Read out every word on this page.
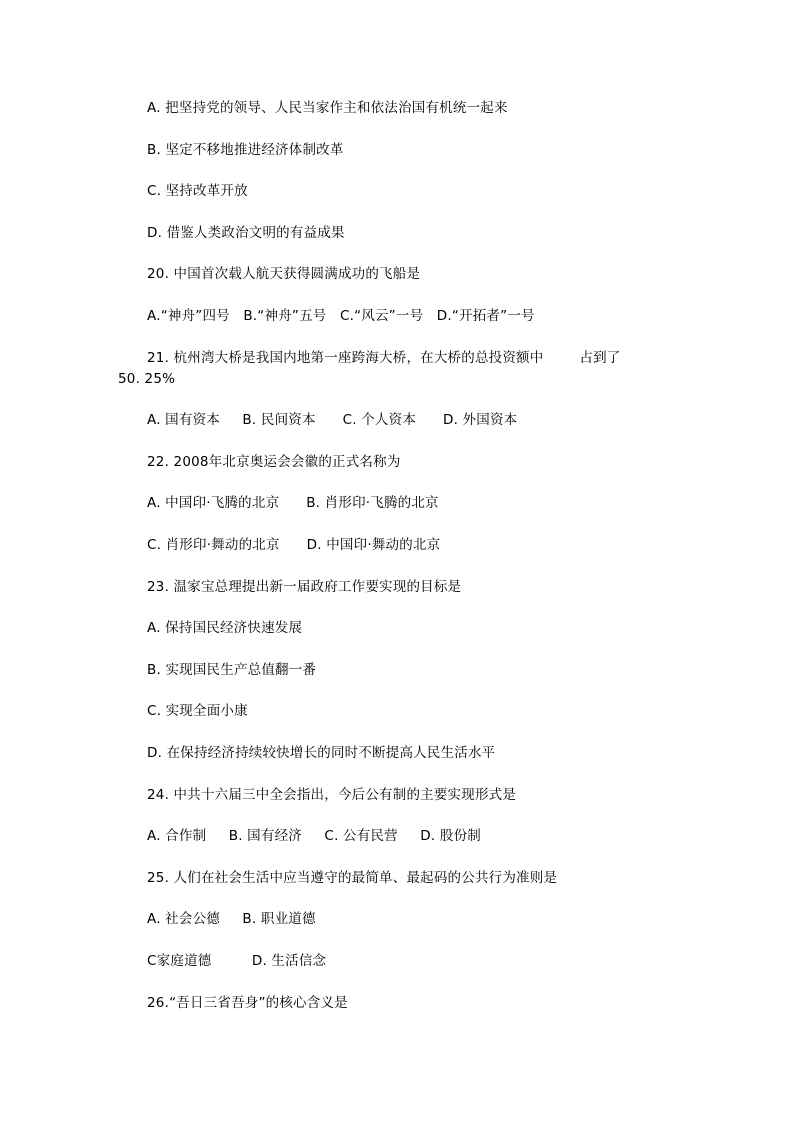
A. 把坚持党的领导、人民当家作主和依法治国有机统一起来
B. 坚定不移地推进经济体制改革
C. 坚持改革开放
D. 借鉴人类政治文明的有益成果
20. 中国首次载人航天获得圆满成功的飞船是
A.“神舟”四号   B.“神舟”五号   C.“风云”一号   D.“开拓者”一号
21. 杭州湾大桥是我国内地第一座跨海大桥，在大桥的总投资额中        占到了
50. 25%
A. 国有资本     B. 民间资本      C. 个人资本      D. 外国资本
22. 2008年北京奥运会会徽的正式名称为
A. 中国印·飞腾的北京      B. 肖形印·飞腾的北京
C. 肖形印·舞动的北京      D. 中国印·舞动的北京
23. 温家宝总理提出新一届政府工作要实现的目标是
A. 保持国民经济快速发展
B. 实现国民生产总值翻一番
C. 实现全面小康
D. 在保持经济持续较快增长的同时不断提高人民生活水平
24. 中共十六届三中全会指出，今后公有制的主要实现形式是
A. 合作制     B. 国有经济     C. 公有民营     D. 股份制
25. 人们在社会生活中应当遵守的最简单、最起码的公共行为准则是
A. 社会公德     B. 职业道德
C家庭道德         D. 生活信念
26.“吾日三省吾身”的核心含义是
